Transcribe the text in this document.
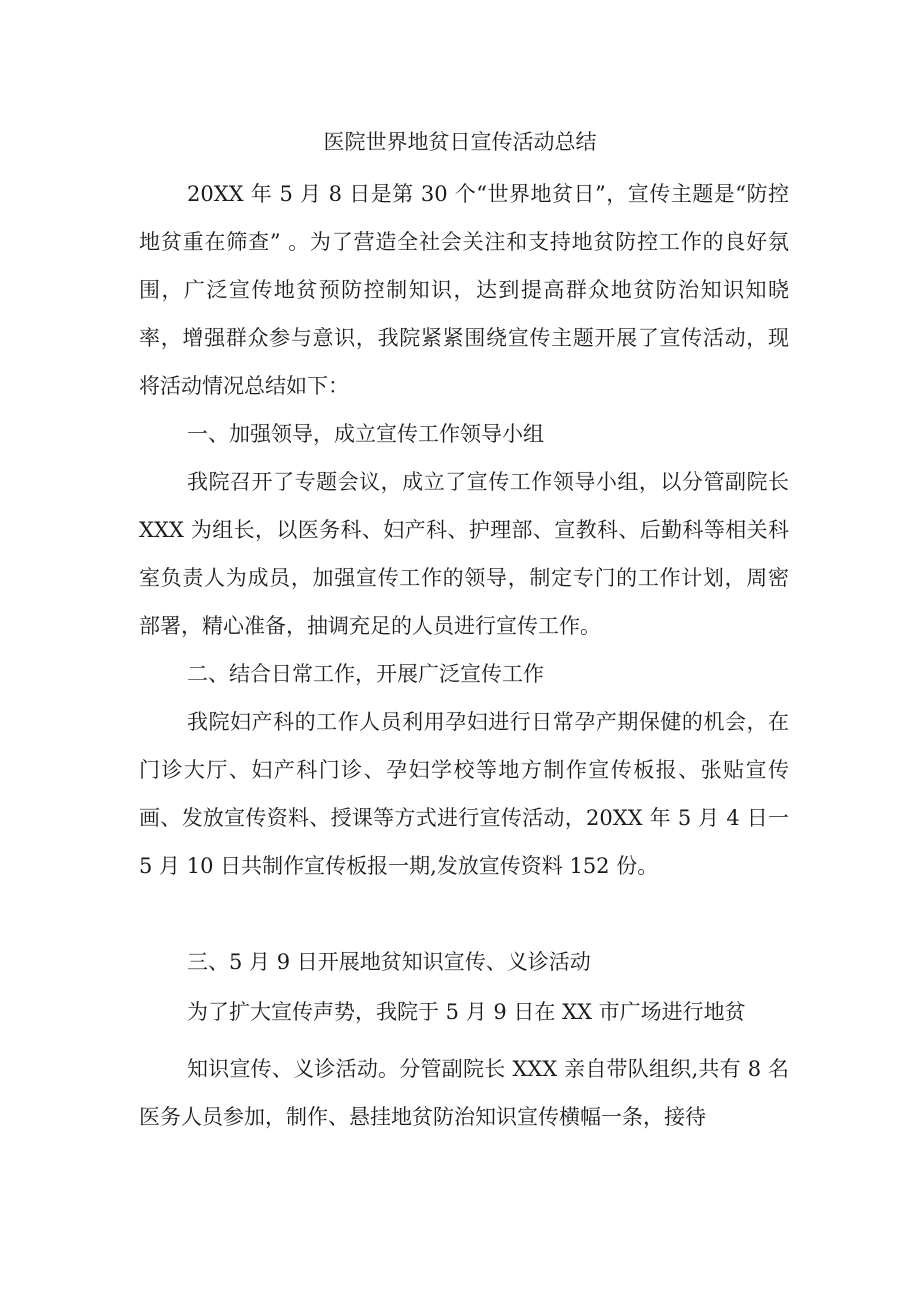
医院世界地贫日宣传活动总结

20XX 年 5 月 8 日是第 30 个“世界地贫日”，宣传主题是“防控地贫重在筛查” 。为了营造全社会关注和支持地贫防控工作的良好氛围，广泛宣传地贫预防控制知识，达到提高群众地贫防治知识知晓率，增强群众参与意识，我院紧紧围绕宣传主题开展了宣传活动，现将活动情况总结如下：

一、加强领导，成立宣传工作领导小组

我院召开了专题会议，成立了宣传工作领导小组，以分管副院长 XXX 为组长，以医务科、妇产科、护理部、宣教科、后勤科等相关科室负责人为成员，加强宣传工作的领导，制定专门的工作计划，周密部署，精心准备，抽调充足的人员进行宣传工作。

二、结合日常工作，开展广泛宣传工作

我院妇产科的工作人员利用孕妇进行日常孕产期保健的机会，在门诊大厅、妇产科门诊、孕妇学校等地方制作宣传板报、张贴宣传画、发放宣传资料、授课等方式进行宣传活动，20XX 年 5 月 4 日一 5 月 10 日共制作宣传板报一期,发放宣传资料 152 份。

三、5 月 9 日开展地贫知识宣传、义诊活动

为了扩大宣传声势，我院于 5 月 9 日在 XX 市广场进行地贫

知识宣传、义诊活动。分管副院长 XXX 亲自带队组织,共有 8 名医务人员参加，制作、悬挂地贫防治知识宣传横幅一条，接待
